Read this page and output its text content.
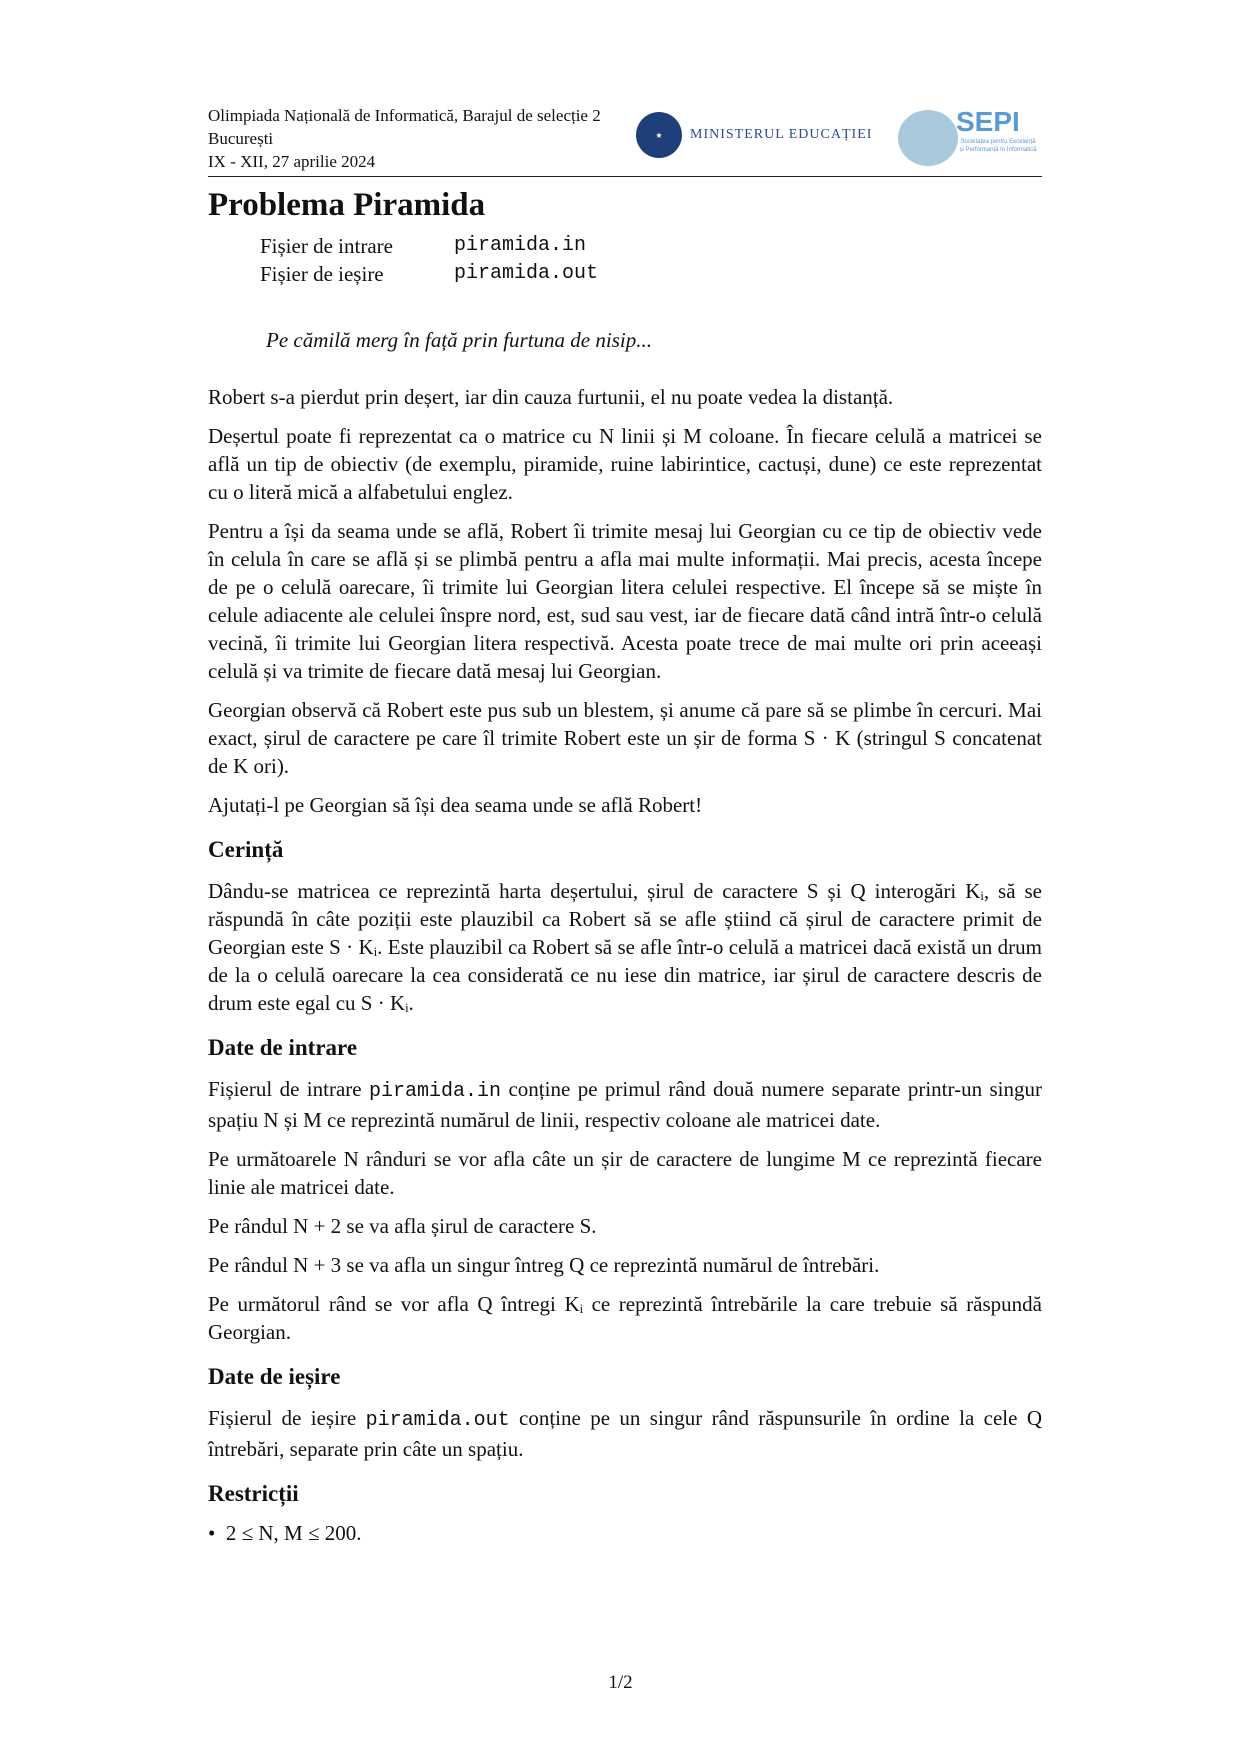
Olimpiada Națională de Informatică, Barajul de selecție 2
București
IX - XII, 27 aprilie 2024
★	MINISTERUL EDUCAȚIEI	SEPI
Societatea pentru Excelență și Performanță în Informatică
Problema Piramida
Fișier de intrare	piramida.in
Fișier de ieșire	piramida.out
Pe cămilă merg în față prin furtuna de nisip...

Robert s-a pierdut prin deșert, iar din cauza furtunii, el nu poate vedea la distanță.

Deșertul poate fi reprezentat ca o matrice cu N linii și M coloane. În fiecare celulă a matricei se află un tip de obiectiv (de exemplu, piramide, ruine labirintice, cactuși, dune) ce este reprezentat cu o literă mică a alfabetului englez.

Pentru a își da seama unde se află, Robert îi trimite mesaj lui Georgian cu ce tip de obiectiv vede în celula în care se află și se plimbă pentru a afla mai multe informații. Mai precis, acesta începe de pe o celulă oarecare, îi trimite lui Georgian litera celulei respective. El începe să se miște în celule adiacente ale celulei înspre nord, est, sud sau vest, iar de fiecare dată când intră într-o celulă vecină, îi trimite lui Georgian litera respectivă. Acesta poate trece de mai multe ori prin aceeași celulă și va trimite de fiecare dată mesaj lui Georgian.

Georgian observă că Robert este pus sub un blestem, și anume că pare să se plimbe în cercuri. Mai exact, șirul de caractere pe care îl trimite Robert este un șir de forma S · K (stringul S concatenat de K ori).

Ajutați-l pe Georgian să își dea seama unde se află Robert!

Cerință

Dându-se matricea ce reprezintă harta deșertului, șirul de caractere S și Q interogări Kᵢ, să se răspundă în câte poziții este plauzibil ca Robert să se afle știind că șirul de caractere primit de Georgian este S · Kᵢ. Este plauzibil ca Robert să se afle într-o celulă a matricei dacă există un drum de la o celulă oarecare la cea considerată ce nu iese din matrice, iar șirul de caractere descris de drum este egal cu S · Kᵢ.

Date de intrare

Fișierul de intrare piramida.in conține pe primul rând două numere separate printr-un singur spațiu N și M ce reprezintă numărul de linii, respectiv coloane ale matricei date.

Pe următoarele N rânduri se vor afla câte un șir de caractere de lungime M ce reprezintă fiecare linie ale matricei date.

Pe rândul N + 2 se va afla șirul de caractere S.

Pe rândul N + 3 se va afla un singur întreg Q ce reprezintă numărul de întrebări.

Pe următorul rând se vor afla Q întregi Kᵢ ce reprezintă întrebările la care trebuie să răspundă Georgian.

Date de ieșire

Fișierul de ieșire piramida.out conține pe un singur rând răspunsurile în ordine la cele Q întrebări, separate prin câte un spațiu.

Restricții
•  2 ≤ N, M ≤ 200.
1/2
